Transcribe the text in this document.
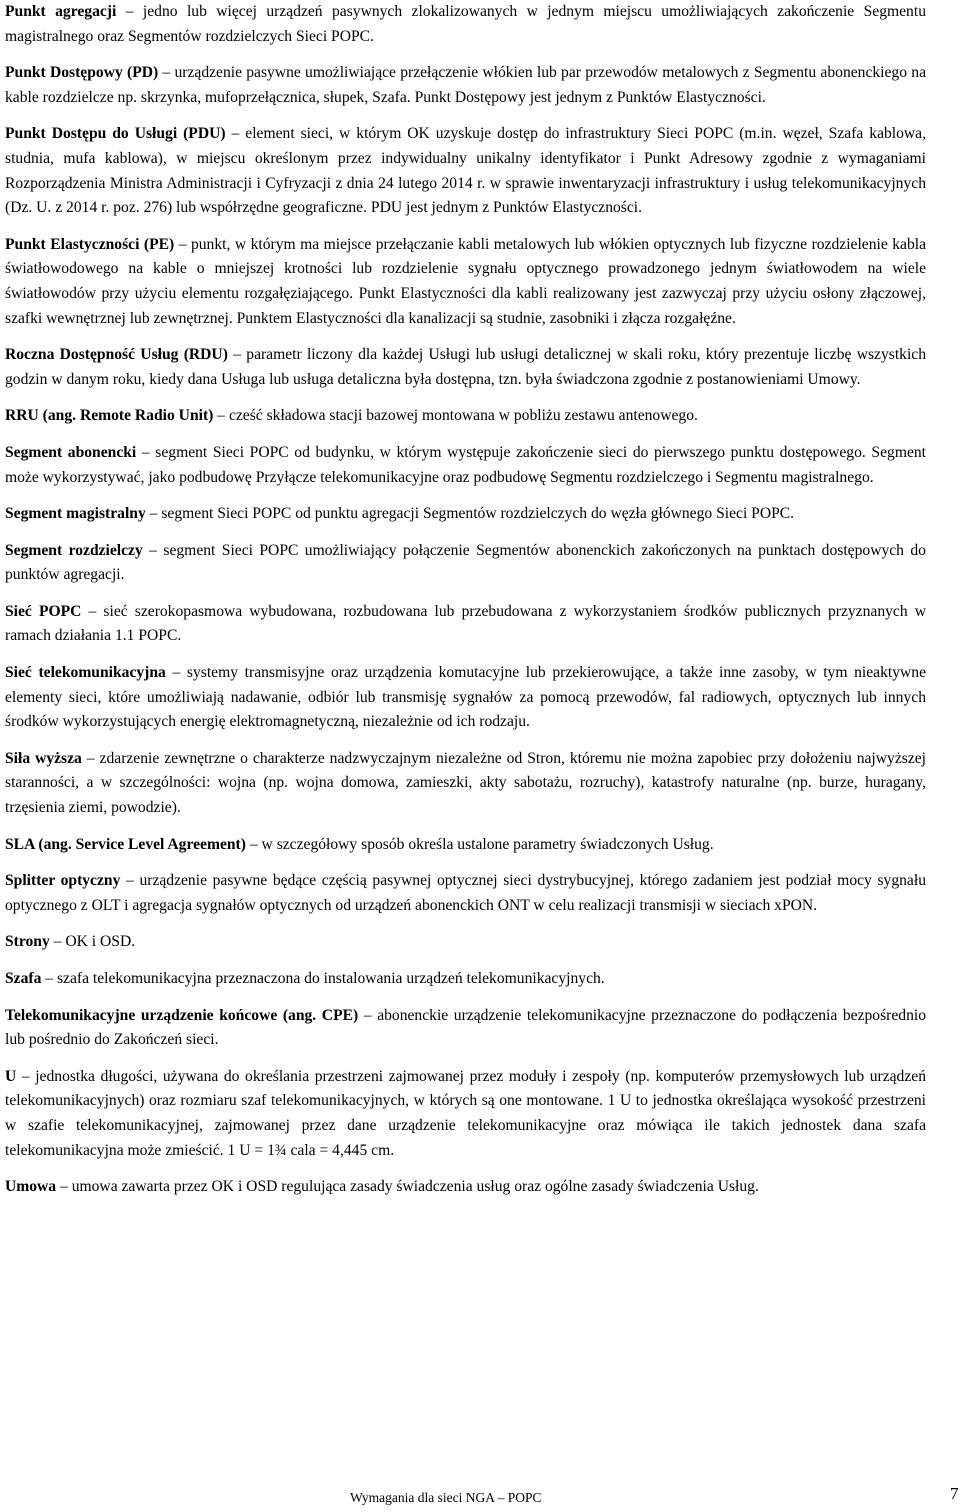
Punkt agregacji – jedno lub więcej urządzeń pasywnych zlokalizowanych w jednym miejscu umożliwiających zakończenie Segmentu magistralnego oraz Segmentów rozdzielczych Sieci POPC.

Punkt Dostępowy (PD) – urządzenie pasywne umożliwiające przełączenie włókien lub par przewodów metalowych z Segmentu abonenckiego na kable rozdzielcze np. skrzynka, mufoprzełącznica, słupek, Szafa. Punkt Dostępowy jest jednym z Punktów Elastyczności.

Punkt Dostępu do Usługi (PDU) – element sieci, w którym OK uzyskuje dostęp do infrastruktury Sieci POPC (m.in. węzeł, Szafa kablowa, studnia, mufa kablowa), w miejscu określonym przez indywidualny unikalny identyfikator i Punkt Adresowy zgodnie z wymaganiami Rozporządzenia Ministra Administracji i Cyfryzacji z dnia 24 lutego 2014 r. w sprawie inwentaryzacji infrastruktury i usług telekomunikacyjnych (Dz. U. z 2014 r. poz. 276) lub współrzędne geograficzne. PDU jest jednym z Punktów Elastyczności.

Punkt Elastyczności (PE) – punkt, w którym ma miejsce przełączanie kabli metalowych lub włókien optycznych lub fizyczne rozdzielenie kabla światłowodowego na kable o mniejszej krotności lub rozdzielenie sygnału optycznego prowadzonego jednym światłowodem na wiele światłowodów przy użyciu elementu rozgałęziającego. Punkt Elastyczności dla kabli realizowany jest zazwyczaj przy użyciu osłony złączowej, szafki wewnętrznej lub zewnętrznej. Punktem Elastyczności dla kanalizacji są studnie, zasobniki i złącza rozgałęźne.

Roczna Dostępność Usług (RDU) – parametr liczony dla każdej Usługi lub usługi detalicznej w skali roku, który prezentuje liczbę wszystkich godzin w danym roku, kiedy dana Usługa lub usługa detaliczna była dostępna, tzn. była świadczona zgodnie z postanowieniami Umowy.

RRU (ang. Remote Radio Unit) – cześć składowa stacji bazowej montowana w pobliżu zestawu antenowego.

Segment abonencki – segment Sieci POPC od budynku, w którym występuje zakończenie sieci do pierwszego punktu dostępowego. Segment może wykorzystywać, jako podbudowę Przyłącze telekomunikacyjne oraz podbudowę Segmentu rozdzielczego i Segmentu magistralnego.

Segment magistralny – segment Sieci POPC od punktu agregacji Segmentów rozdzielczych do węzła głównego Sieci POPC.

Segment rozdzielczy – segment Sieci POPC umożliwiający połączenie Segmentów abonenckich zakończonych na punktach dostępowych do punktów agregacji.

Sieć POPC – sieć szerokopasmowa wybudowana, rozbudowana lub przebudowana z wykorzystaniem środków publicznych przyznanych w ramach działania 1.1 POPC.

Sieć telekomunikacyjna – systemy transmisyjne oraz urządzenia komutacyjne lub przekierowujące, a także inne zasoby, w tym nieaktywne elementy sieci, które umożliwiają nadawanie, odbiór lub transmisję sygnałów za pomocą przewodów, fal radiowych, optycznych lub innych środków wykorzystujących energię elektromagnetyczną, niezależnie od ich rodzaju.

Siła wyższa – zdarzenie zewnętrzne o charakterze nadzwyczajnym niezależne od Stron, któremu nie można zapobiec przy dołożeniu najwyższej staranności, a w szczególności: wojna (np. wojna domowa, zamieszki, akty sabotażu, rozruchy), katastrofy naturalne (np. burze, huragany, trzęsienia ziemi, powodzie).

SLA (ang. Service Level Agreement) – w szczegółowy sposób określa ustalone parametry świadczonych Usług.

Splitter optyczny – urządzenie pasywne będące częścią pasywnej optycznej sieci dystrybucyjnej, którego zadaniem jest podział mocy sygnału optycznego z OLT i agregacja sygnałów optycznych od urządzeń abonenckich ONT w celu realizacji transmisji w sieciach xPON.

Strony – OK i OSD.

Szafa – szafa telekomunikacyjna przeznaczona do instalowania urządzeń telekomunikacyjnych.

Telekomunikacyjne urządzenie końcowe (ang. CPE) – abonenckie urządzenie telekomunikacyjne przeznaczone do podłączenia bezpośrednio lub pośrednio do Zakończeń sieci.

U – jednostka długości, używana do określania przestrzeni zajmowanej przez moduły i zespoły (np. komputerów przemysłowych lub urządzeń telekomunikacyjnych) oraz rozmiaru szaf telekomunikacyjnych, w których są one montowane. 1 U to jednostka określająca wysokość przestrzeni w szafie telekomunikacyjnej, zajmowanej przez dane urządzenie telekomunikacyjne oraz mówiąca ile takich jednostek dana szafa telekomunikacyjna może zmieścić. 1 U = 1¾ cala = 4,445 cm.

Umowa – umowa zawarta przez OK i OSD regulująca zasady świadczenia usług oraz ogólne zasady świadczenia Usług.

Wymagania dla sieci NGA – POPC	7
